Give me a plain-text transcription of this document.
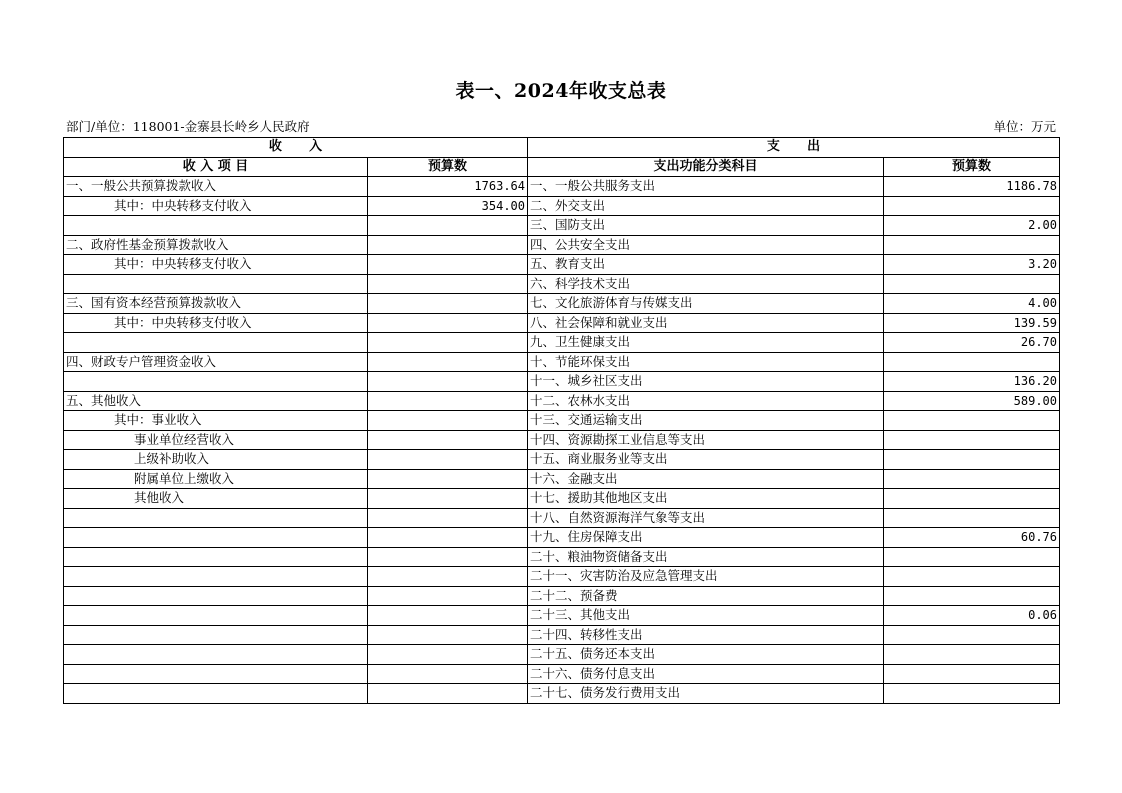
表一、2024年收支总表
部门/单位：118001-金寨县长岭乡人民政府	单位：万元
收      入		支      出	
收 入 项 目	预算数	支出功能分类科目	预算数
一、一般公共预算拨款收入	1763.64	一、一般公共服务支出	1186.78
其中：中央转移支付收入	354.00	二、外交支出	
		三、国防支出	2.00
二、政府性基金预算拨款收入		四、公共安全支出	
其中：中央转移支付收入		五、教育支出	3.20
		六、科学技术支出	
三、国有资本经营预算拨款收入		七、文化旅游体育与传媒支出	4.00
其中：中央转移支付收入		八、社会保障和就业支出	139.59
		九、卫生健康支出	26.70
四、财政专户管理资金收入		十、节能环保支出	
		十一、城乡社区支出	136.20
五、其他收入		十二、农林水支出	589.00
其中：事业收入		十三、交通运输支出	
事业单位经营收入		十四、资源勘探工业信息等支出	
上级补助收入		十五、商业服务业等支出	
附属单位上缴收入		十六、金融支出	
其他收入		十七、援助其他地区支出	
		十八、自然资源海洋气象等支出	
		十九、住房保障支出	60.76
		二十、粮油物资储备支出	
		二十一、灾害防治及应急管理支出	
		二十二、预备费	
		二十三、其他支出	0.06
		二十四、转移性支出	
		二十五、债务还本支出	
		二十六、债务付息支出	
		二十七、债务发行费用支出	
